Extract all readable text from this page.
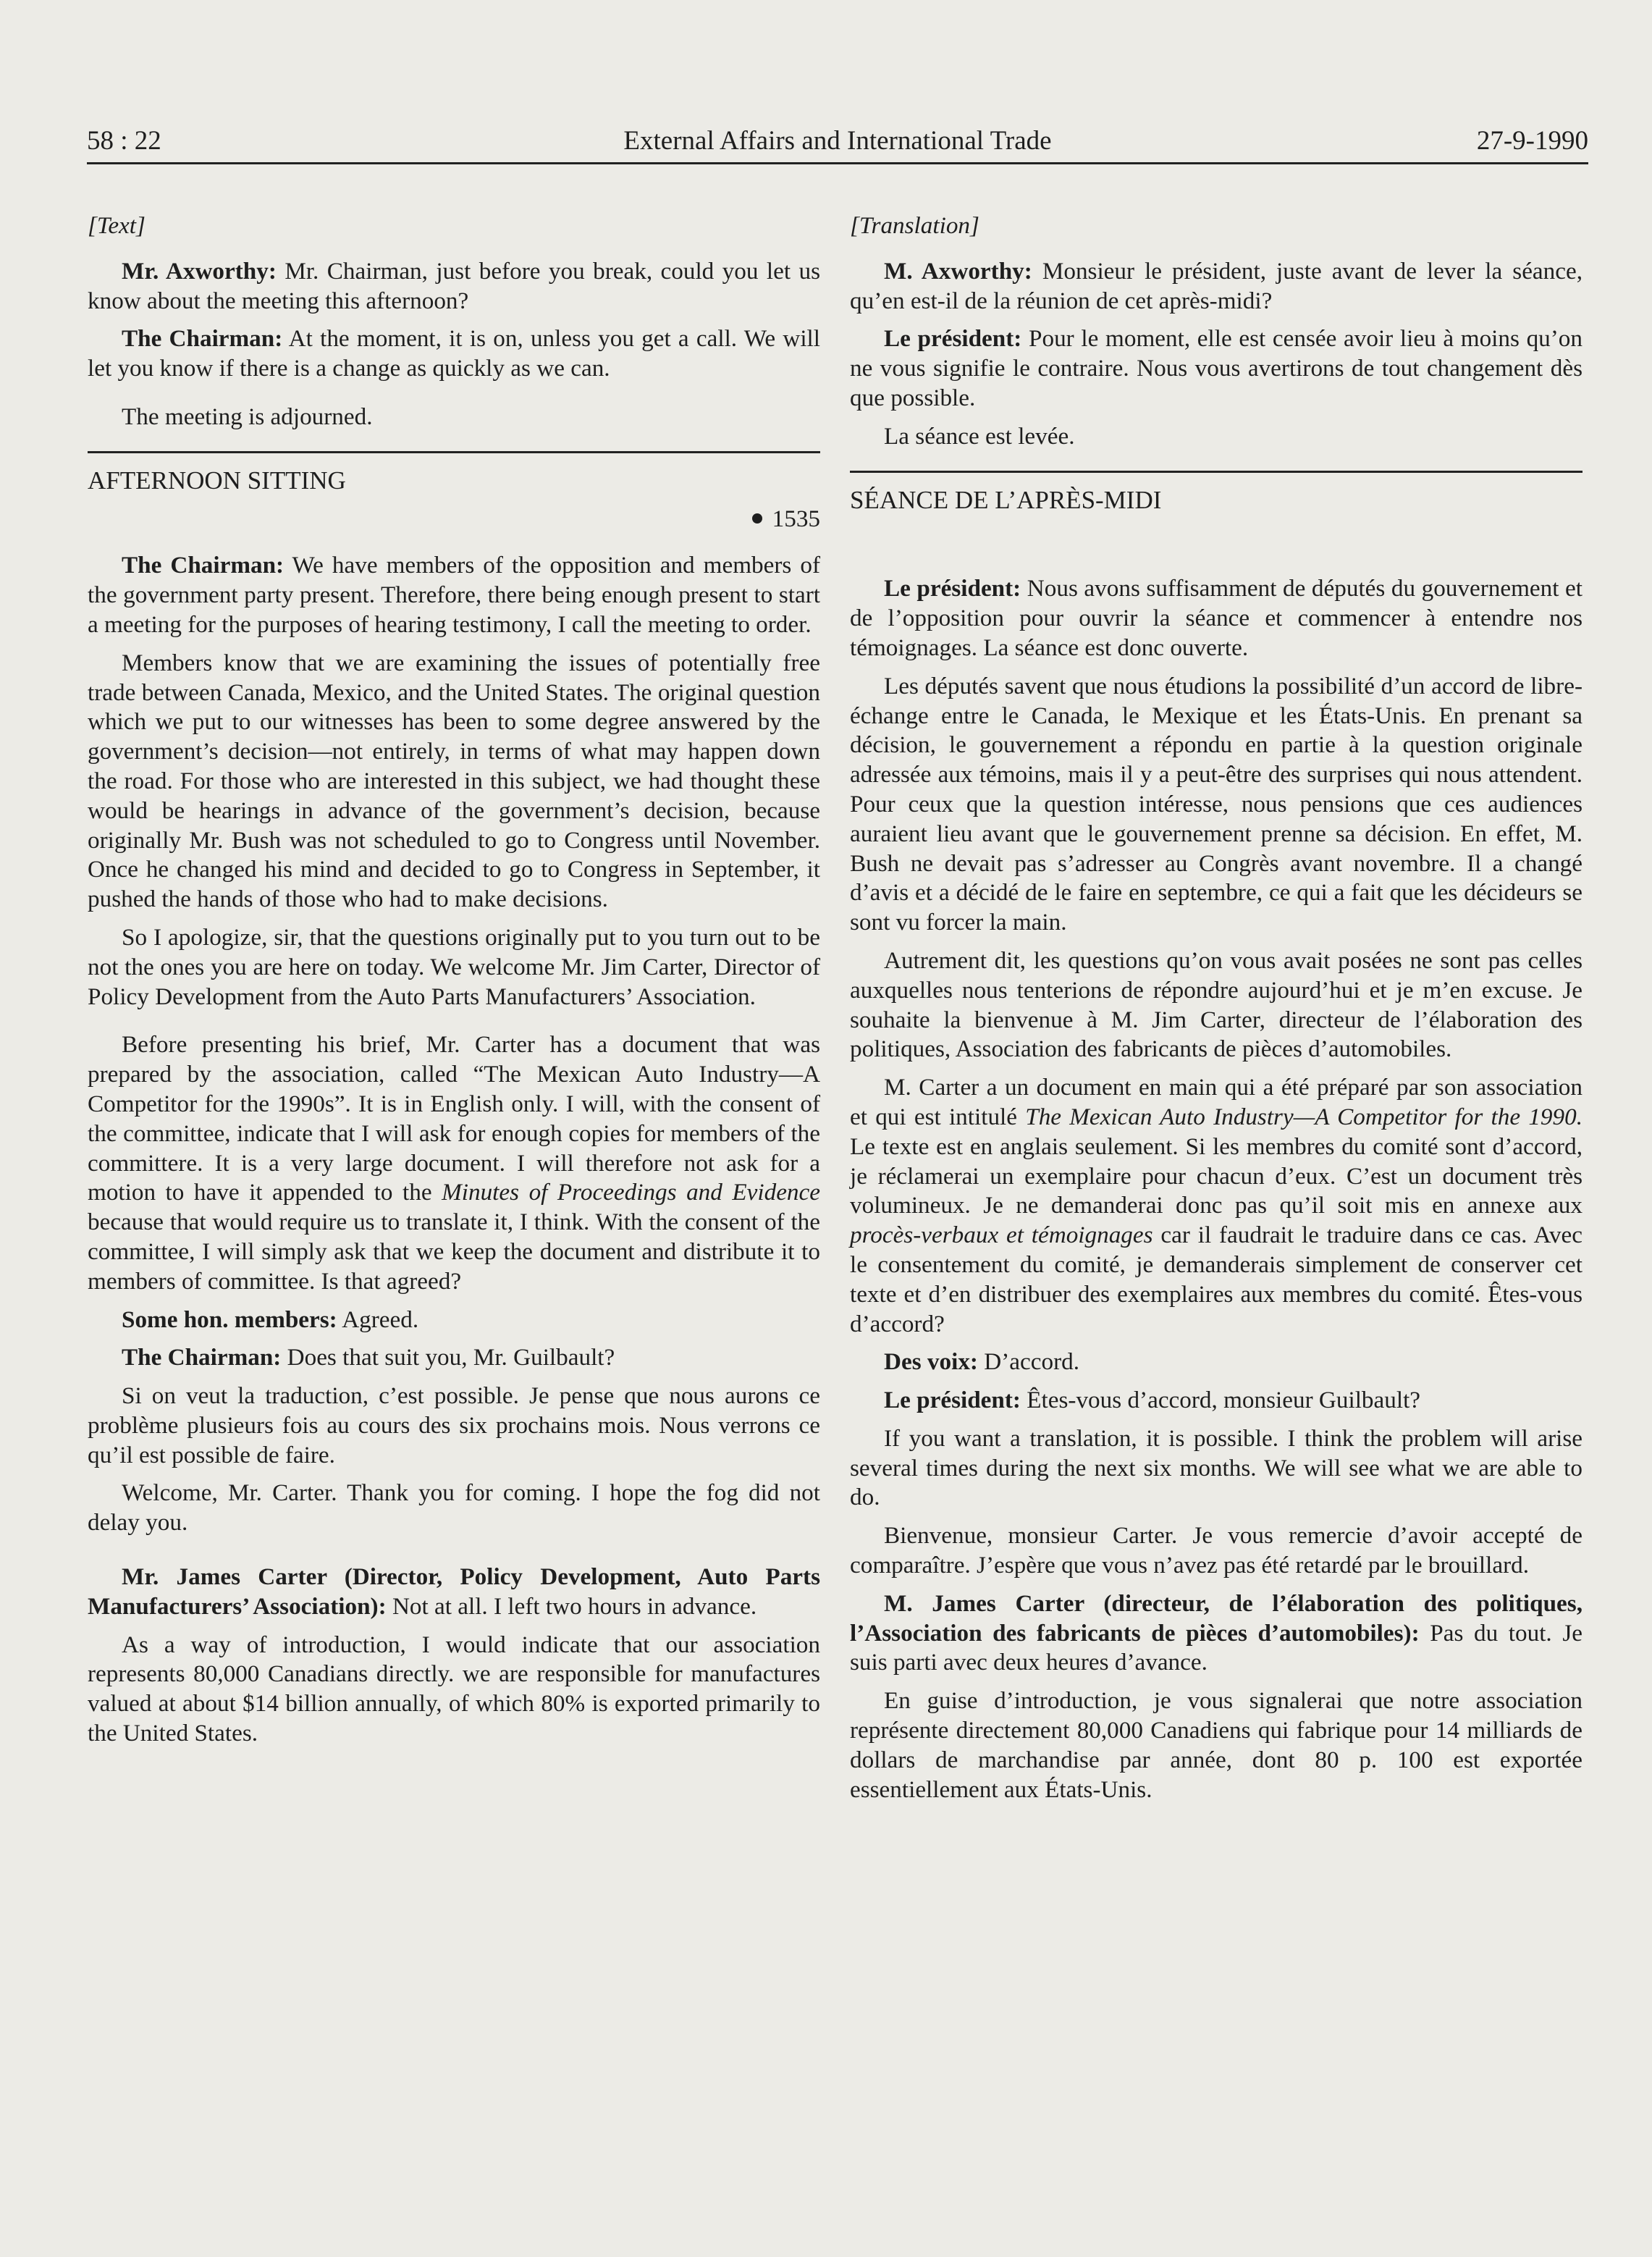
58 : 22	External Affairs and International Trade	27-9-1990

[Text]

Mr. Axworthy: Mr. Chairman, just before you break, could you let us know about the meeting this afternoon?

The Chairman: At the moment, it is on, unless you get a call. We will let you know if there is a change as quickly as we can.

The meeting is adjourned.

AFTERNOON SITTING

1535

The Chairman: We have members of the opposition and members of the government party present. Therefore, there being enough present to start a meeting for the purposes of hearing testimony, I call the meeting to order.

Members know that we are examining the issues of potentially free trade between Canada, Mexico, and the United States. The original question which we put to our witnesses has been to some degree answered by the government’s decision—not entirely, in terms of what may happen down the road. For those who are interested in this subject, we had thought these would be hearings in advance of the government’s decision, because originally Mr. Bush was not scheduled to go to Congress until November. Once he changed his mind and decided to go to Congress in September, it pushed the hands of those who had to make decisions.

So I apologize, sir, that the questions originally put to you turn out to be not the ones you are here on today. We welcome Mr. Jim Carter, Director of Policy Development from the Auto Parts Manufacturers’ Association.

Before presenting his brief, Mr. Carter has a document that was prepared by the association, called “The Mexican Auto Industry—A Competitor for the 1990s”. It is in English only. I will, with the consent of the committee, indicate that I will ask for enough copies for members of the committere. It is a very large document. I will therefore not ask for a motion to have it appended to the Minutes of Proceedings and Evidence because that would require us to translate it, I think. With the consent of the committee, I will simply ask that we keep the document and distribute it to members of committee. Is that agreed?

Some hon. members: Agreed.

The Chairman: Does that suit you, Mr. Guilbault?

Si on veut la traduction, c’est possible. Je pense que nous aurons ce problème plusieurs fois au cours des six prochains mois. Nous verrons ce qu’il est possible de faire.

Welcome, Mr. Carter. Thank you for coming. I hope the fog did not delay you.

Mr. James Carter (Director, Policy Development, Auto Parts Manufacturers’ Association): Not at all. I left two hours in advance.

As a way of introduction, I would indicate that our association represents 80,000 Canadians directly. we are responsible for manufactures valued at about $14 billion annually, of which 80% is exported primarily to the United States.

[Translation]

M. Axworthy: Monsieur le président, juste avant de lever la séance, qu’en est-il de la réunion de cet après-midi?

Le président: Pour le moment, elle est censée avoir lieu à moins qu’on ne vous signifie le contraire. Nous vous avertirons de tout changement dès que possible.

La séance est levée.

SÉANCE DE L’APRÈS-MIDI

Le président: Nous avons suffisamment de députés du gouvernement et de l’opposition pour ouvrir la séance et commencer à entendre nos témoignages. La séance est donc ouverte.

Les députés savent que nous étudions la possibilité d’un accord de libre-échange entre le Canada, le Mexique et les États-Unis. En prenant sa décision, le gouvernement a répondu en partie à la question originale adressée aux témoins, mais il y a peut-être des surprises qui nous attendent. Pour ceux que la question intéresse, nous pensions que ces audiences auraient lieu avant que le gouvernement prenne sa décision. En effet, M. Bush ne devait pas s’adresser au Congrès avant novembre. Il a changé d’avis et a décidé de le faire en septembre, ce qui a fait que les décideurs se sont vu forcer la main.

Autrement dit, les questions qu’on vous avait posées ne sont pas celles auxquelles nous tenterions de répondre aujourd’hui et je m’en excuse. Je souhaite la bienvenue à M. Jim Carter, directeur de l’élaboration des politiques, Association des fabricants de pièces d’automobiles.

M. Carter a un document en main qui a été préparé par son association et qui est intitulé The Mexican Auto Industry—A Competitor for the 1990. Le texte est en anglais seulement. Si les membres du comité sont d’accord, je réclamerai un exemplaire pour chacun d’eux. C’est un document très volumineux. Je ne demanderai donc pas qu’il soit mis en annexe aux procès-verbaux et témoignages car il faudrait le traduire dans ce cas. Avec le consentement du comité, je demanderais simplement de conserver cet texte et d’en distribuer des exemplaires aux membres du comité. Êtes-vous d’accord?

Des voix: D’accord.

Le président: Êtes-vous d’accord, monsieur Guilbault?

If you want a translation, it is possible. I think the problem will arise several times during the next six months. We will see what we are able to do.

Bienvenue, monsieur Carter. Je vous remercie d’avoir accepté de comparaître. J’espère que vous n’avez pas été retardé par le brouillard.

M. James Carter (directeur, de l’élaboration des politiques, l’Association des fabricants de pièces d’automobiles): Pas du tout. Je suis parti avec deux heures d’avance.

En guise d’introduction, je vous signalerai que notre association représente directement 80,000 Canadiens qui fabrique pour 14 milliards de dollars de marchandise par année, dont 80 p. 100 est exportée essentiellement aux États-Unis.
